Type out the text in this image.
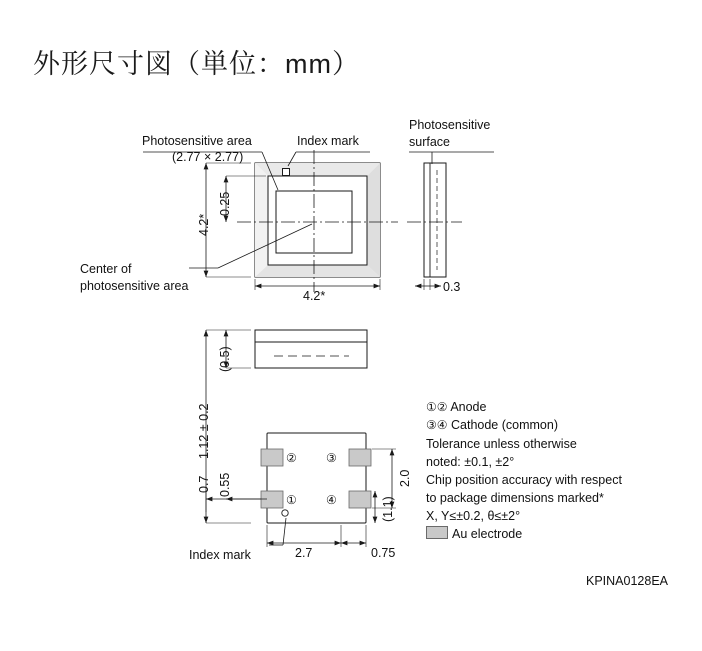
外形尺寸図（単位：mm）
Photosensitive area
(2.77 × 2.77)
Index mark
Photosensitive
surface
Center of
photosensitive area
Index mark
4.2*
0.25
4.2*
0.3
1.12 ± 0.2
(0.5)
0.7 0.55
2.7	0.75
2.0
(1.1)
② ③
① ④
①② Anode
③④ Cathode (common)
Tolerance unless otherwise
noted: ±0.1, ±2°
Chip position accuracy with respect
to package dimensions marked*
X, Y≤±0.2, θ≤±2°
Au electrode
KPINA0128EA
